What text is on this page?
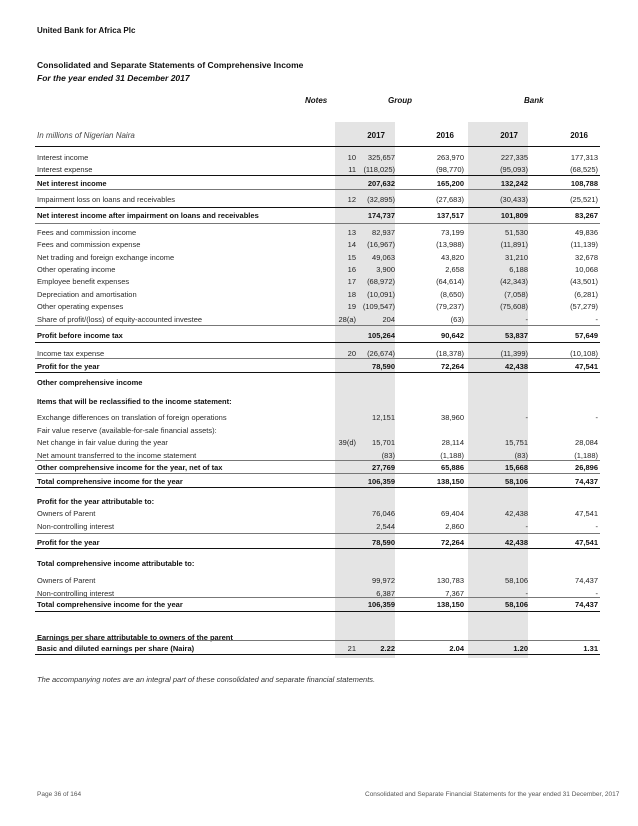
United Bank for Africa Plc
Consolidated and Separate Statements of Comprehensive Income
For the year ended 31 December 2017
Notes	Group	Bank
In millions of Nigerian Naira	2017	2016	2017	2016
Interest income	10	325,657	263,970	227,335	177,313
Interest expense	11 (118,025)	(98,770)	(95,093)	(68,525)
Net interest income	207,632	165,200	132,242	108,788
Impairment loss on loans and receivables	12	(32,895)	(27,683)	(30,433)	(25,521)
Net interest income after impairment on loans and receivables	174,737	137,517	101,809	83,267
Fees and commission income	13	82,937	73,199	51,530	49,836
Fees and commission expense	14	(16,967)	(13,988)	(11,891)	(11,139)
Net trading and foreign exchange income	15	49,063	43,820	31,210	32,678
Other operating income	16	3,900	2,658	6,188	10,068
Employee benefit expenses	17	(68,972)	(64,614)	(42,343)	(43,501)
Depreciation and amortisation	18	(10,091)	(8,650)	(7,058)	(6,281)
Other operating expenses	19 (109,547)	(79,237)	(75,608)	(57,279)
Share of profit/(loss) of equity-accounted investee	28(a)	204	(63)	-	-
Profit before income tax	105,264	90,642	53,837	57,649
Income tax expense	20	(26,674)	(18,378)	(11,399)	(10,108)
Profit for the year	78,590	72,264	42,438	47,541
Other comprehensive income
Items that will be reclassified to the income statement:
Exchange differences on translation of foreign operations	12,151	38,960	-	-
Fair value reserve (available-for-sale financial assets):
Net change in fair value during the year	39(d)	15,701	28,114	15,751	28,084
Net amount transferred to the income statement	(83)	(1,188)	(83)	(1,188)
Other comprehensive income for the year, net of tax	27,769	65,886	15,668	26,896
Total comprehensive income for the year	106,359	138,150	58,106	74,437
Profit for the year attributable to:
Owners of Parent	76,046	69,404	42,438	47,541
Non-controlling interest	2,544	2,860	-	-
Profit for the year	78,590	72,264	42,438	47,541
Total comprehensive income attributable to:
Owners of Parent	99,972	130,783	58,106	74,437
Non-controlling interest	6,387	7,367	-	-
Total comprehensive income for the year	106,359	138,150	58,106	74,437
Earnings per share attributable to owners of the parent
Basic and diluted earnings per share (Naira)	21	2.22	2.04	1.20	1.31
The accompanying notes are an integral part of these consolidated and separate financial statements.
Page 36 of 164	Consolidated and Separate Financial Statements for the year ended 31 December, 2017
